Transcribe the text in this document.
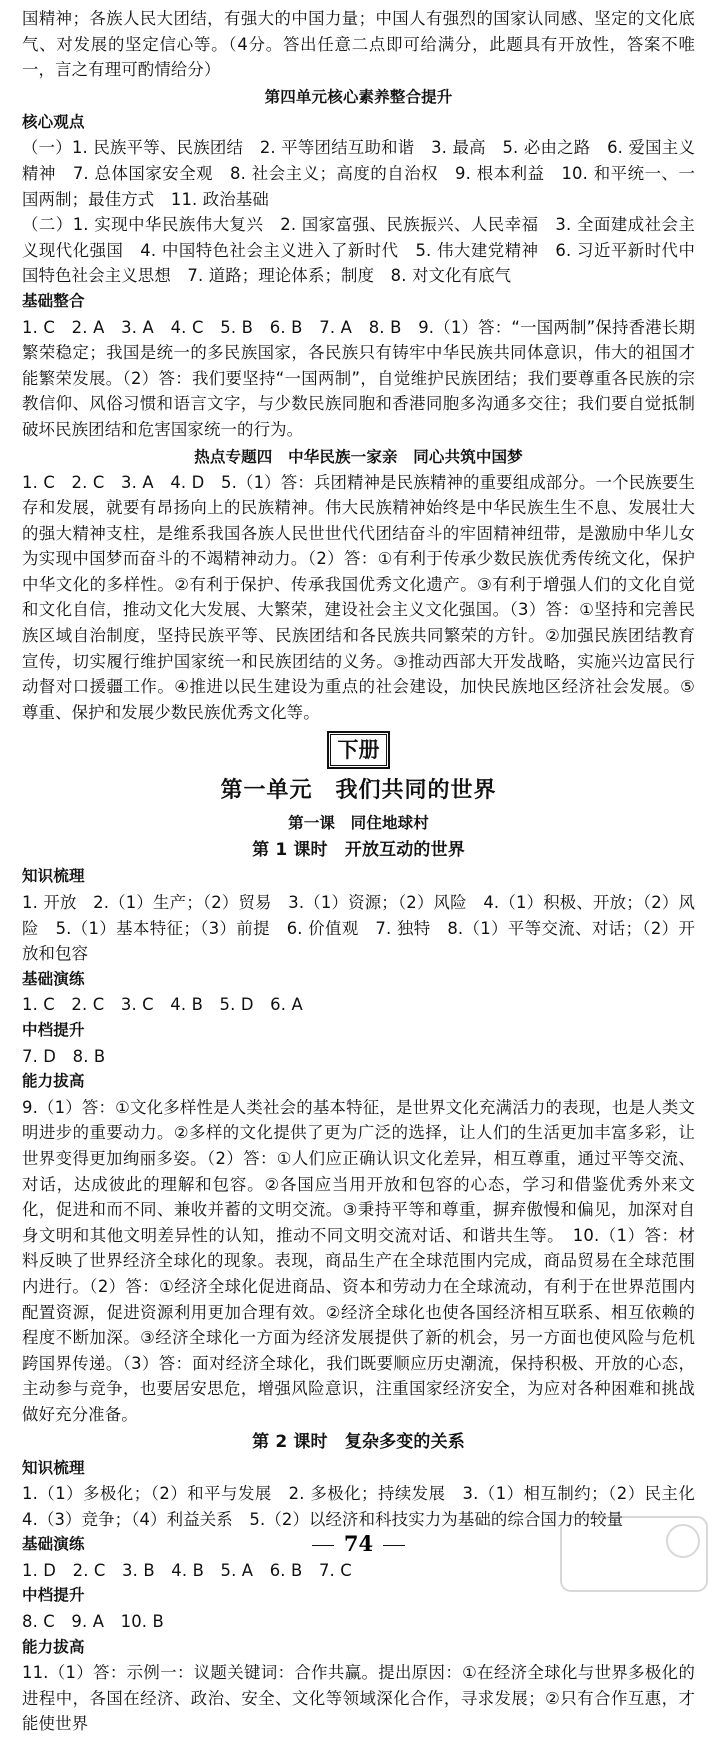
国精神；各族人民大团结，有强大的中国力量；中国人有强烈的国家认同感、坚定的文化底气、对发展的坚定信心等。（4分。答出任意二点即可给满分，此题具有开放性，答案不唯一，言之有理可酌情给分）

第四单元核心素养整合提升

核心观点

（一）1. 民族平等、民族团结　2. 平等团结互助和谐　3. 最高　5. 必由之路　6. 爱国主义精神　7. 总体国家安全观　8. 社会主义；高度的自治权　9. 根本利益　10. 和平统一、一国两制；最佳方式　11. 政治基础

（二）1. 实现中华民族伟大复兴　2. 国家富强、民族振兴、人民幸福　3. 全面建成社会主义现代化强国　4. 中国特色社会主义进入了新时代　5. 伟大建党精神　6. 习近平新时代中国特色社会主义思想　7. 道路；理论体系；制度　8. 对文化有底气

基础整合

1. C　2. A　3. A　4. C　5. B　6. B　7. A　8. B　9.（1）答：“一国两制”保持香港长期繁荣稳定；我国是统一的多民族国家，各民族只有铸牢中华民族共同体意识，伟大的祖国才能繁荣发展。（2）答：我们要坚持“一国两制”，自觉维护民族团结；我们要尊重各民族的宗教信仰、风俗习惯和语言文字，与少数民族同胞和香港同胞多沟通多交往；我们要自觉抵制破坏民族团结和危害国家统一的行为。

热点专题四　中华民族一家亲　同心共筑中国梦

1. C　2. C　3. A　4. D　5.（1）答：兵团精神是民族精神的重要组成部分。一个民族要生存和发展，就要有昂扬向上的民族精神。伟大民族精神始终是中华民族生生不息、发展壮大的强大精神支柱，是维系我国各族人民世世代代团结奋斗的牢固精神纽带，是激励中华儿女为实现中国梦而奋斗的不竭精神动力。（2）答：①有利于传承少数民族优秀传统文化，保护中华文化的多样性。②有利于保护、传承我国优秀文化遗产。③有利于增强人们的文化自觉和文化自信，推动文化大发展、大繁荣，建设社会主义文化强国。（3）答：①坚持和完善民族区域自治制度，坚持民族平等、民族团结和各民族共同繁荣的方针。②加强民族团结教育宣传，切实履行维护国家统一和民族团结的义务。③推动西部大开发战略，实施兴边富民行动督对口援疆工作。④推进以民生建设为重点的社会建设，加快民族地区经济社会发展。⑤尊重、保护和发展少数民族优秀文化等。

下册

第一单元　我们共同的世界

第一课　同住地球村

第 1 课时　开放互动的世界

知识梳理

1. 开放　2.（1）生产；（2）贸易　3.（1）资源；（2）风险　4.（1）积极、开放；（2）风险　5.（1）基本特征；（3）前提　6. 价值观　7. 独特　8.（1）平等交流、对话；（2）开放和包容

基础演练

1. C　2. C　3. C　4. B　5. D　6. A

中档提升

7. D　8. B

能力拔高

9.（1）答：①文化多样性是人类社会的基本特征，是世界文化充满活力的表现，也是人类文明进步的重要动力。②多样的文化提供了更为广泛的选择，让人们的生活更加丰富多彩，让世界变得更加绚丽多姿。（2）答：①人们应正确认识文化差异，相互尊重，通过平等交流、对话，达成彼此的理解和包容。②各国应当用开放和包容的心态，学习和借鉴优秀外来文化，促进和而不同、兼收并蓄的文明交流。③秉持平等和尊重，摒弃傲慢和偏见，加深对自身文明和其他文明差异性的认知，推动不同文明交流对话、和谐共生等。　10.（1）答：材料反映了世界经济全球化的现象。表现，商品生产在全球范围内完成，商品贸易在全球范围内进行。（2）答：①经济全球化促进商品、资本和劳动力在全球流动，有利于在世界范围内配置资源，促进资源利用更加合理有效。②经济全球化也使各国经济相互联系、相互依赖的程度不断加深。③经济全球化一方面为经济发展提供了新的机会，另一方面也使风险与危机跨国界传递。（3）答：面对经济全球化，我们既要顺应历史潮流，保持积极、开放的心态，主动参与竞争，也要居安思危，增强风险意识，注重国家经济安全，为应对各种困难和挑战做好充分准备。

第 2 课时　复杂多变的关系

知识梳理

1.（1）多极化；（2）和平与发展　2. 多极化；持续发展　3.（1）相互制约；（2）民主化　4.（3）竞争；（4）利益关系　5.（2）以经济和科技实力为基础的综合国力的较量

基础演练

1. D　2. C　3. B　4. B　5. A　6. B　7. C

中档提升

8. C　9. A　10. B

能力拔高

11.（1）答：示例一：议题关键词：合作共赢。提出原因：①在经济全球化与世界多极化的进程中，各国在经济、政治、安全、文化等领域深化合作，寻求发展；②只有合作互惠，才能使世界

74
